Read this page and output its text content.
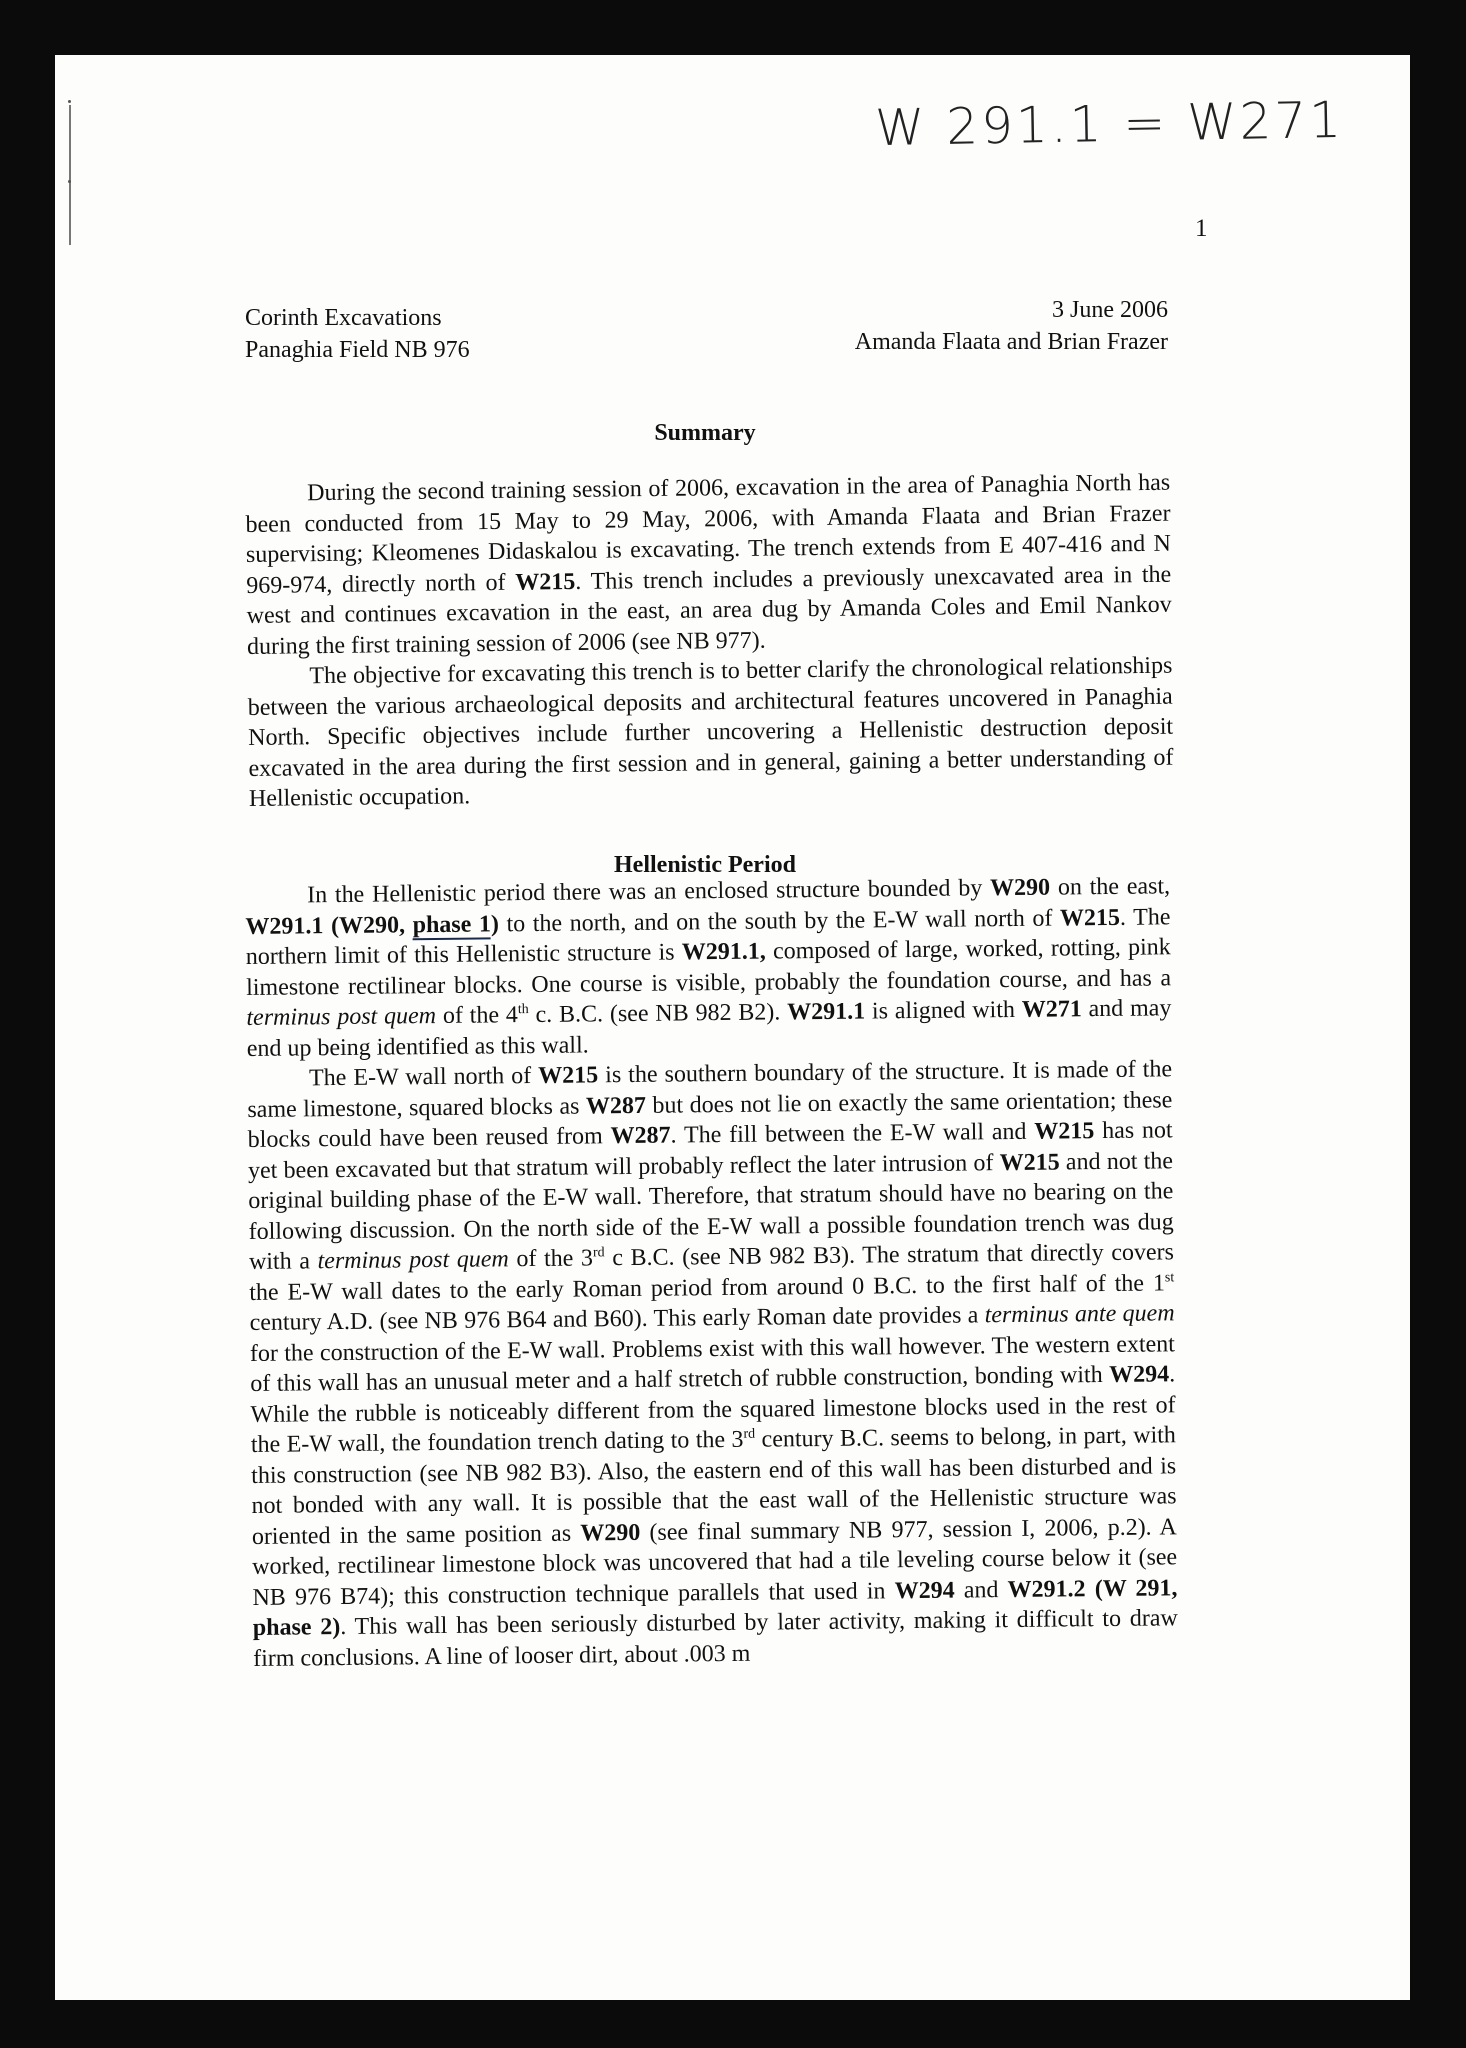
W 291.1 = W271
1
Corinth Excavations
Panaghia Field NB 976
3 June 2006
Amanda Flaata and Brian Frazer
Summary

During the second training session of 2006, excavation in the area of Panaghia North has been conducted from 15 May to 29 May, 2006, with Amanda Flaata and Brian Frazer supervising; Kleomenes Didaskalou is excavating. The trench extends from E 407-416 and N 969-974, directly north of W215. This trench includes a previously unexcavated area in the west and continues excavation in the east, an area dug by Amanda Coles and Emil Nankov during the first training session of 2006 (see NB 977).

The objective for excavating this trench is to better clarify the chronological relationships between the various archaeological deposits and architectural features uncovered in Panaghia North. Specific objectives include further uncovering a Hellenistic destruction deposit excavated in the area during the first session and in general, gaining a better understanding of Hellenistic occupation.

Hellenistic Period

In the Hellenistic period there was an enclosed structure bounded by W290 on the east, W291.1 (W290, phase 1) to the north, and on the south by the E-W wall north of W215. The northern limit of this Hellenistic structure is W291.1, composed of large, worked, rotting, pink limestone rectilinear blocks. One course is visible, probably the foundation course, and has a terminus post quem of the 4th c. B.C. (see NB 982 B2). W291.1 is aligned with W271 and may end up being identified as this wall.

The E-W wall north of W215 is the southern boundary of the structure. It is made of the same limestone, squared blocks as W287 but does not lie on exactly the same orientation; these blocks could have been reused from W287. The fill between the E-W wall and W215 has not yet been excavated but that stratum will probably reflect the later intrusion of W215 and not the original building phase of the E-W wall. Therefore, that stratum should have no bearing on the following discussion. On the north side of the E-W wall a possible foundation trench was dug with a terminus post quem of the 3rd c B.C. (see NB 982 B3). The stratum that directly covers the E-W wall dates to the early Roman period from around 0 B.C. to the first half of the 1st century A.D. (see NB 976 B64 and B60). This early Roman date provides a terminus ante quem for the construction of the E-W wall. Problems exist with this wall however. The western extent of this wall has an unusual meter and a half stretch of rubble construction, bonding with W294. While the rubble is noticeably different from the squared limestone blocks used in the rest of the E-W wall, the foundation trench dating to the 3rd century B.C. seems to belong, in part, with this construction (see NB 982 B3). Also, the eastern end of this wall has been disturbed and is not bonded with any wall. It is possible that the east wall of the Hellenistic structure was oriented in the same position as W290 (see final summary NB 977, session I, 2006, p.2). A worked, rectilinear limestone block was uncovered that had a tile leveling course below it (see NB 976 B74); this construction technique parallels that used in W294 and W291.2 (W 291, phase 2). This wall has been seriously disturbed by later activity, making it difficult to draw firm conclusions. A line of looser dirt, about .003 m
